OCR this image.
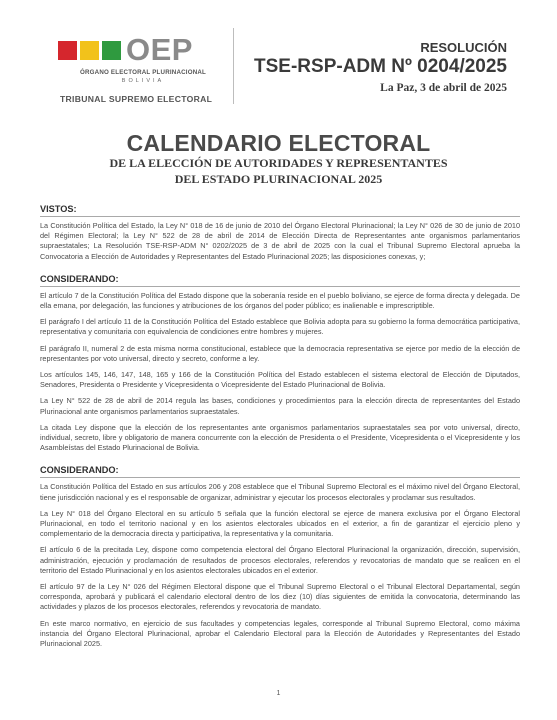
OEP
ÓRGANO ELECTORAL PLURINACIONAL
BOLIVIA
TRIBUNAL SUPREMO ELECTORAL
RESOLUCIÓN
TSE-RSP-ADM Nº 0204/2025
La Paz, 3 de abril de 2025
CALENDARIO ELECTORAL
DE LA ELECCIÓN DE AUTORIDADES Y REPRESENTANTES
DEL ESTADO PLURINACIONAL 2025
VISTOS:

La Constitución Política del Estado, la Ley N° 018 de 16 de junio de 2010 del Órgano Electoral Plurinacional; la Ley N° 026 de 30 de junio de 2010 del Régimen Electoral; la Ley N° 522 de 28 de abril de 2014 de Elección Directa de Representantes ante organismos parlamentarios supraestatales; La Resolución TSE-RSP-ADM N° 0202/2025 de 3 de abril de 2025 con la cual el Tribunal Supremo Electoral aprueba la Convocatoria a Elección de Autoridades y Representantes del Estado Plurinacional 2025; las disposiciones conexas, y;

CONSIDERANDO:

El artículo 7 de la Constitución Política del Estado dispone que la soberanía reside en el pueblo boliviano, se ejerce de forma directa y delegada. De ella emana, por delegación, las funciones y atribuciones de los órganos del poder público; es inalienable e imprescriptible.

El parágrafo I del artículo 11 de la Constitución Política del Estado establece que Bolivia adopta para su gobierno la forma democrática participativa, representativa y comunitaria con equivalencia de condiciones entre hombres y mujeres.

El parágrafo II, numeral 2 de esta misma norma constitucional, establece que la democracia representativa se ejerce por medio de la elección de representantes por voto universal, directo y secreto, conforme a ley.

Los artículos 145, 146, 147, 148, 165 y 166 de la Constitución Política del Estado establecen el sistema electoral de Elección de Diputados, Senadores, Presidenta o Presidente y Vicepresidenta o Vicepresidente del Estado Plurinacional de Bolivia.

La Ley N° 522 de 28 de abril de 2014 regula las bases, condiciones y procedimientos para la elección directa de representantes del Estado Plurinacional ante organismos parlamentarios supraestatales.

La citada Ley dispone que la elección de los representantes ante organismos parlamentarios supraestatales sea por voto universal, directo, individual, secreto, libre y obligatorio de manera concurrente con la elección de Presidenta o el Presidente, Vicepresidenta o el Vicepresidente y los Asambleístas del Estado Plurinacional de Bolivia.

CONSIDERANDO:

La Constitución Política del Estado en sus artículos 206 y 208 establece que el Tribunal Supremo Electoral es el máximo nivel del Órgano Electoral, tiene jurisdicción nacional y es el responsable de organizar, administrar y ejecutar los procesos electorales y proclamar sus resultados.

La Ley N° 018 del Órgano Electoral en su artículo 5 señala que la función electoral se ejerce de manera exclusiva por el Órgano Electoral Plurinacional, en todo el territorio nacional y en los asientos electorales ubicados en el exterior, a fin de garantizar el ejercicio pleno y complementario de la democracia directa y participativa, la representativa y la comunitaria.

El artículo 6 de la precitada Ley, dispone como competencia electoral del Órgano Electoral Plurinacional la organización, dirección, supervisión, administración, ejecución y proclamación de resultados de procesos electorales, referendos y revocatorias de mandato que se realicen en el territorio del Estado Plurinacional y en los asientos electorales ubicados en el exterior.

El artículo 97 de la Ley N° 026 del Régimen Electoral dispone que el Tribunal Supremo Electoral o el Tribunal Electoral Departamental, según corresponda, aprobará y publicará el calendario electoral dentro de los diez (10) días siguientes de emitida la convocatoria, determinando las actividades y plazos de los procesos electorales, referendos y revocatoria de mandato.

En este marco normativo, en ejercicio de sus facultades y competencias legales, corresponde al Tribunal Supremo Electoral, como máxima instancia del Órgano Electoral Plurinacional, aprobar el Calendario Electoral para la Elección de Autoridades y Representantes del Estado Plurinacional 2025.

1
